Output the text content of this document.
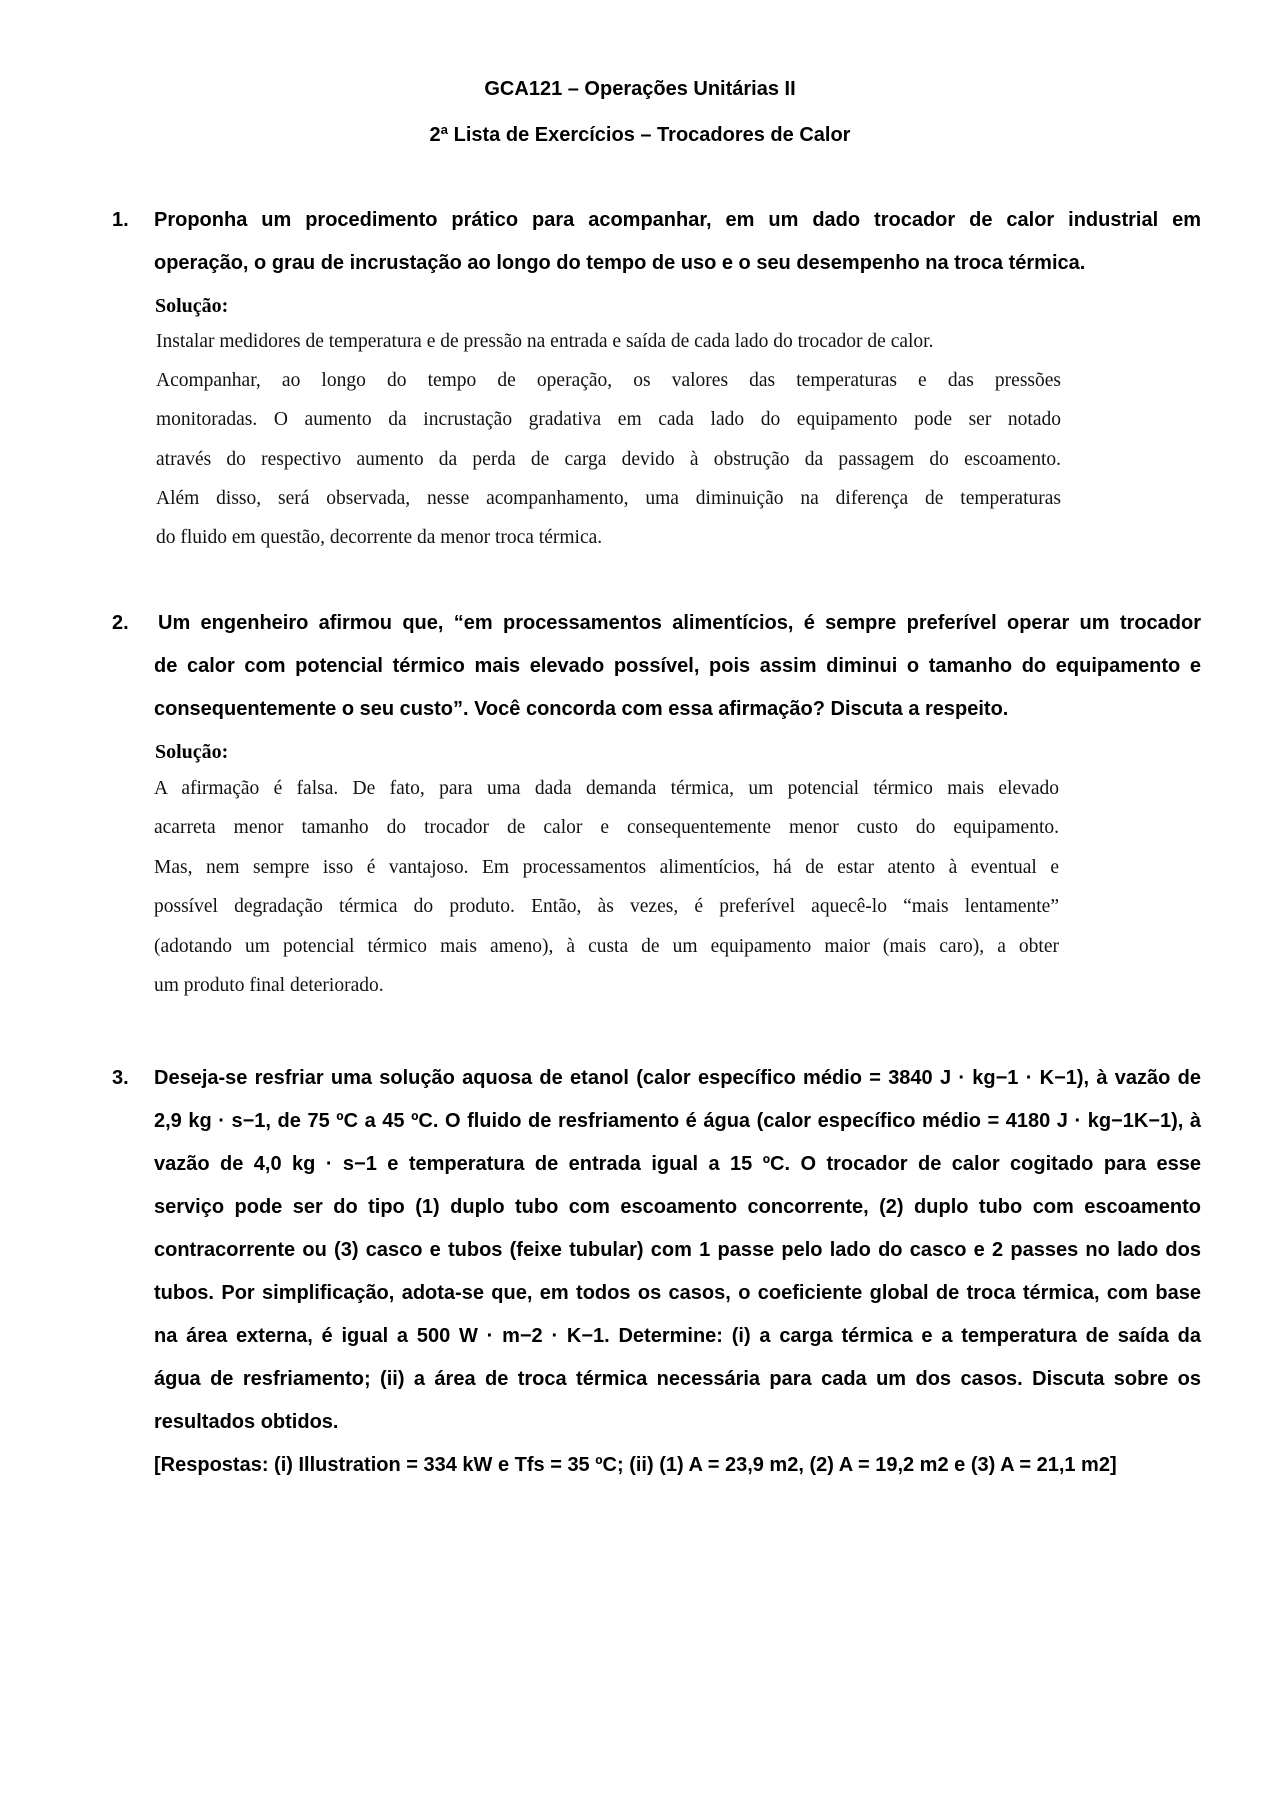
GCA121 – Operações Unitárias II
2ª Lista de Exercícios – Trocadores de Calor
1.	Proponha um procedimento prático para acompanhar, em um dado trocador de calor industrial em
operação, o grau de incrustação ao longo do tempo de uso e o seu desempenho na troca térmica.
Solução:
Instalar medidores de temperatura e de pressão na entrada e saída de cada lado do trocador de calor.
Acompanhar, ao longo do tempo de operação, os valores das temperaturas e das pressões
monitoradas. O aumento da incrustação gradativa em cada lado do equipamento pode ser notado
através do respectivo aumento da perda de carga devido à obstrução da passagem do escoamento.
Além disso, será observada, nesse acompanhamento, uma diminuição na diferença de temperaturas
do fluido em questão, decorrente da menor troca térmica.
2.	Um engenheiro afirmou que, “em processamentos alimentícios, é sempre preferível operar um trocador
de calor com potencial térmico mais elevado possível, pois assim diminui o tamanho do equipamento e
consequentemente o seu custo”. Você concorda com essa afirmação? Discuta a respeito.
Solução:
A afirmação é falsa. De fato, para uma dada demanda térmica, um potencial térmico mais elevado
acarreta menor tamanho do trocador de calor e consequentemente menor custo do equipamento.
Mas, nem sempre isso é vantajoso. Em processamentos alimentícios, há de estar atento à eventual e
possível degradação térmica do produto. Então, às vezes, é preferível aquecê-lo “mais lentamente”
(adotando um potencial térmico mais ameno), à custa de um equipamento maior (mais caro), a obter
um produto final deteriorado.
3.	Deseja-se resfriar uma solução aquosa de etanol (calor específico médio = 3840 J · kg−1 · K−1), à vazão de
2,9 kg · s−1, de 75 ºC a 45 ºC. O fluido de resfriamento é água (calor específico médio = 4180 J · kg−1K−1), à
vazão de 4,0 kg · s−1 e temperatura de entrada igual a 15 ºC. O trocador de calor cogitado para esse
serviço pode ser do tipo (1) duplo tubo com escoamento concorrente, (2) duplo tubo com escoamento
contracorrente ou (3) casco e tubos (feixe tubular) com 1 passe pelo lado do casco e 2 passes no lado dos
tubos. Por simplificação, adota-se que, em todos os casos, o coeficiente global de troca térmica, com base
na área externa, é igual a 500 W · m−2 · K−1. Determine: (i) a carga térmica e a temperatura de saída da
água de resfriamento; (ii) a área de troca térmica necessária para cada um dos casos. Discuta sobre os
resultados obtidos.
[Respostas: (i) Illustration = 334 kW e Tfs = 35 ºC; (ii) (1) A = 23,9 m2, (2) A = 19,2 m2 e (3) A = 21,1 m2]
